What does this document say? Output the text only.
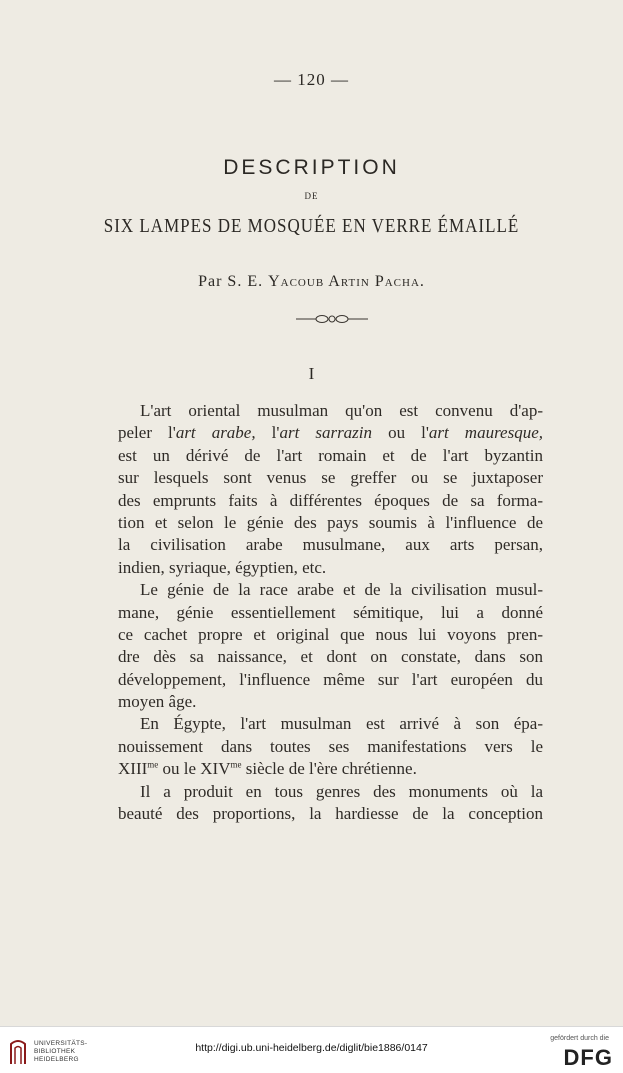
— 120 —
DESCRIPTION
DE
SIX LAMPES DE MOSQUÉE EN VERRE ÉMAILLÉ
Par S. E. Yacoub Artin Pacha.
I
L'art oriental musulman qu'on est convenu d'ap-
peler l'art arabe, l'art sarrazin ou l'art mauresque,
est un dérivé de l'art romain et de l'art byzantin
sur lesquels sont venus se greffer ou se juxtaposer
des emprunts faits à différentes époques de sa forma-
tion et selon le génie des pays soumis à l'influence de
la civilisation arabe musulmane, aux arts persan,
indien, syriaque, égyptien, etc.
Le génie de la race arabe et de la civilisation musul-
mane, génie essentiellement sémitique, lui a donné
ce cachet propre et original que nous lui voyons pren-
dre dès sa naissance, et dont on constate, dans son
développement, l'influence même sur l'art européen du
moyen âge.
En Égypte, l'art musulman est arrivé à son épa-
nouissement dans toutes ses manifestations vers le
$XIII^{me}$ ou le $XIV^{me}$ siècle de l'ère chrétienne.
Il a produit en tous genres des monuments où la
beauté des proportions, la hardiesse de la conception
UNIVERSITÄTS-
BIBLIOTHEK
HEIDELBERG
http://digi.ub.uni-heidelberg.de/diglit/bie1886/0147
gefördert durch die
DFG
